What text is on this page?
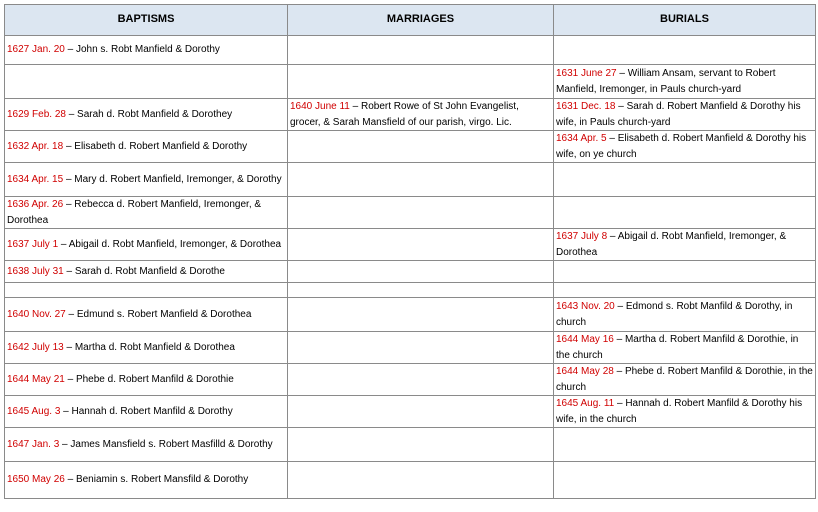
BAPTISMS	MARRIAGES	BURIALS
1627 Jan. 20 – John s. Robt Manfield & Dorothy		
		1631 June 27 – William Ansam, servant to Robert Manfield, Iremonger, in Pauls church-yard
1629 Feb. 28 – Sarah d. Robt Manfield & Dorothey	1640 June 11 – Robert Rowe of St John Evangelist, grocer, & Sarah Mansfield of our parish, virgo. Lic.	1631 Dec. 18 – Sarah d. Robert Manfield & Dorothy his wife, in Pauls church-yard
1632 Apr. 18 – Elisabeth d. Robert Manfield & Dorothy		1634 Apr. 5 – Elisabeth d. Robert Manfield & Dorothy his wife, on ye church
1634 Apr. 15 – Mary d. Robert Manfield, Iremonger, & Dorothy		
1636 Apr. 26 – Rebecca d. Robert Manfield, Iremonger, & Dorothea		
1637 July 1 – Abigail d. Robt Manfield, Iremonger, & Dorothea		1637 July 8 – Abigail d. Robt Manfield, Iremonger, & Dorothea
1638 July 31 – Sarah d. Robt Manfield & Dorothe		

1640 Nov. 27 – Edmund s. Robert Manfield & Dorothea		1643 Nov. 20 – Edmond s. Robt Manfild & Dorothy, in church
1642 July 13 – Martha d. Robt Manfield & Dorothea		1644 May 16 – Martha d. Robert Manfild & Dorothie, in the church
1644 May 21 – Phebe d. Robert Manfild & Dorothie		1644 May 28 – Phebe d. Robert Manfild & Dorothie, in the church
1645 Aug. 3 – Hannah d. Robert Manfild & Dorothy		1645 Aug. 11 – Hannah d. Robert Manfild & Dorothy his wife, in the church
1647 Jan. 3 – James Mansfield s. Robert Masfilld & Dorothy		
1650 May 26 – Beniamin s. Robert Mansfild & Dorothy		
